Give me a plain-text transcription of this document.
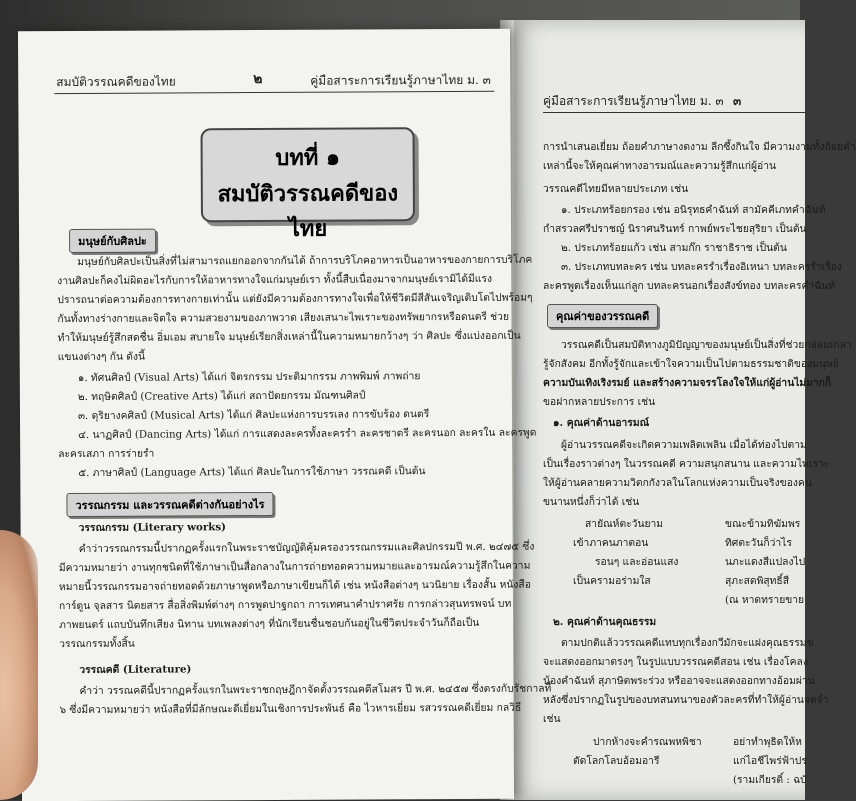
คู่มือสาระการเรียนรู้ภาษาไทย ม. ๓ ๓
การนำเสนอเยี่ยม ถ้อยคำภาษางดงาม ลีกซึ้งกินใจ มีความงามทั้งถ้อยคำ
เหล่านี้จะให้คุณค่าทางอารมณ์และความรู้สึกแก่ผู้อ่าน
วรรณคดีไทยมีหลายประเภท เช่น
๑. ประเภทร้อยกรอง เช่น อนิรุทธคำฉันท์ สามัคคีเภทคำฉันท์
กำสรวลศรีปราชญ์ นิราศนรินทร์ กาพย์พระไชยสุริยา เป็นต้น
๒. ประเภทร้อยแก้ว เช่น สามก๊ก ราชาธิราช เป็นต้น
๓. ประเภทบทละคร เช่น บทละครรำเรื่องอิเหนา บทละครรำเรื่อง
ละครพูดเรื่องเห็นแก่ลูก บทละครนอกเรื่องสังข์ทอง บทละครคำฉันท์
คุณค่าของวรรณคดี
วรรณคดีเป็นสมบัติทางภูมิปัญญาของมนุษย์เป็นสิ่งที่ช่วยกล่อมเกลา
รู้จักสังคม อีกทั้งรู้จักและเข้าใจความเป็นไปตามธรรมชาติของมนุษย์
ความบันเทิงเริงรมย์ และสร้างความจรรโลงใจให้แก่ผู้อ่านไม่มากก็
ขอฝากหลายประการ เช่น
๑. คุณค่าด้านอารมณ์
ผู้อ่านวรรณคดีจะเกิดความเพลิดเพลิน เมื่อได้ท่องไปตาม
เป็นเรื่องราวต่างๆ ในวรรณคดี ความสนุกสนาน และความไพเราะ
ให้ผู้อ่านคลายความวิตกกังวลในโลกแห่งความเป็นจริงของคน
ขนานหนึ่งก็ว่าได้ เช่น
สายัณห์ตะวันยาม	ขณะข้ามทิฆัมพร
เข้าภาคนภาตอน	ทิศตะวันก็ว่าไร
รอนๆ และอ่อนแสง	นภะแดงสีแปลงไป
เป็นครามอร่ามใส	สุภะสดพิสุทธิ์สี
(ณ หาดทรายขาย
๒. คุณค่าด้านคุณธรรม
ตามปกติแล้ววรรณคดีแทบทุกเรื่องกวีมักจะแฝงคุณธรรมข
จะแสดงออกมาตรงๆ ในรูปแบบวรรณคดีสอน เช่น เรื่องโคลง
น้องคำฉันท์ สุภาษิตพระร่วง หรืออาจจะแสดงออกทางอ้อมผ่าน
หลังซึ่งปรากฏในรูปของบทสนทนาของตัวละครที่ทำให้ผู้อ่านจดจำ
เช่น
ปากห้างจะคำรณพหพิชา	อย่าทำพุธิดให้ห
ตัดโลกโลบอ้อมอารี	แก่ไอชีไพร่ฟ้าปร
(รามเกียรติ์ : ฉบั
สมบัติวรรณคดีของไทย	๒	คู่มือสาระการเรียนรู้ภาษาไทย ม. ๓
บทที่ ๑
สมบัติวรรณคดีของไทย
มนุษย์กับศิลปะ
มนุษย์กับศิลปะเป็นสิ่งที่ไม่สามารถแยกออกจากกันได้ ถ้าการบริโภคอาหารเป็นอาหารของกายการบริโภค
งานศิลปะก็คงไม่ผิดอะไรกับการให้อาหารทางใจแก่มนุษย์เรา ทั้งนี้สืบเนื่องมาจากมนุษย์เรามิได้มีแรง
ปรารถนาต่อความต้องการทางกายเท่านั้น แต่ยังมีความต้องการทางใจเพื่อให้ชีวิตมีสีสันเจริญเติบโตไปพร้อมๆ
กันทั้งทางร่างกายและจิตใจ ความสวยงามของภาพวาด เสียงเสนาะไพเราะของทรัพยากรหรือดนตรี ช่วย
ทำให้มนุษย์รู้สึกสดชื่น อิ่มเอม สบายใจ มนุษย์เรียกสิ่งเหล่านี้ในความหมายกว้างๆ ว่า ศิลปะ ซึ่งแบ่งออกเป็น
แขนงต่างๆ กัน ดังนี้
๑. ทัศนศิลป์ (Visual Arts) ได้แก่ จิตรกรรม ประติมากรรม ภาพพิมพ์ ภาพถ่าย
๒. ทฤษิตศิลป์ (Creative Arts) ได้แก่ สถาปัตยกรรม มัณฑนศิลป์
๓. ดุริยางคศิลป์ (Musical Arts) ได้แก่ ศิลปะแห่งการบรรเลง การขับร้อง ดนตรี
๔. นาฏศิลป์ (Dancing Arts) ได้แก่ การแสดงละครทั้งละครรำ ละครชาตรี ละครนอก ละครใน ละครพูด
ละครเสภา การร่ายรำ
๕. ภาษาศิลป์ (Language Arts) ได้แก่ ศิลปะในการใช้ภาษา วรรณคดี เป็นต้น
วรรณกรรม และวรรณคดีต่างกันอย่างไร
วรรณกรรม (Literary works)
คำว่าวรรณกรรมนี้ปรากฏครั้งแรกในพระราชบัญญัติคุ้มครองวรรณกรรมและศิลปกรรมปี พ.ศ. ๒๔๗๕ ซึ่ง
มีความหมายว่า งานทุกชนิดที่ใช้ภาษาเป็นสื่อกลางในการถ่ายทอดความหมายและอารมณ์ความรู้สึกในความ
หมายนี้วรรณกรรมอาจถ่ายทอดด้วยภาษาพูดหรือภาษาเขียนก็ได้ เช่น หนังสือต่างๆ นวนิยาย เรื่องสั้น หนังสือ
การ์ตูน จุลสาร นิตยสาร สื่อสิ่งพิมพ์ต่างๆ การพูดปาฐกถา การเทศนาคำปราศรัย การกล่าวสุนทรพจน์ บท
ภาพยนตร์ แถบบันทึกเสียง นิทาน บทเพลงต่างๆ ที่นักเรียนชื่นชอบกันอยู่ในชีวิตประจำวันก็ถือเป็น
วรรณกรรมทั้งสิ้น
วรรณคดี (Literature)
คำว่า วรรณคดีนี้ปรากฏครั้งแรกในพระราชกฤษฎีกาจัดตั้งวรรณคดีสโมสร ปี พ.ศ. ๒๔๕๗ ซึ่งตรงกับรัชกาลที่
๖ ซึ่งมีความหมายว่า หนังสือที่มีลักษณะดีเยี่ยมในเชิงการประพันธ์ คือ ไวหารเยี่ยม รสวรรณคดีเยี่ยม กลวิธี
